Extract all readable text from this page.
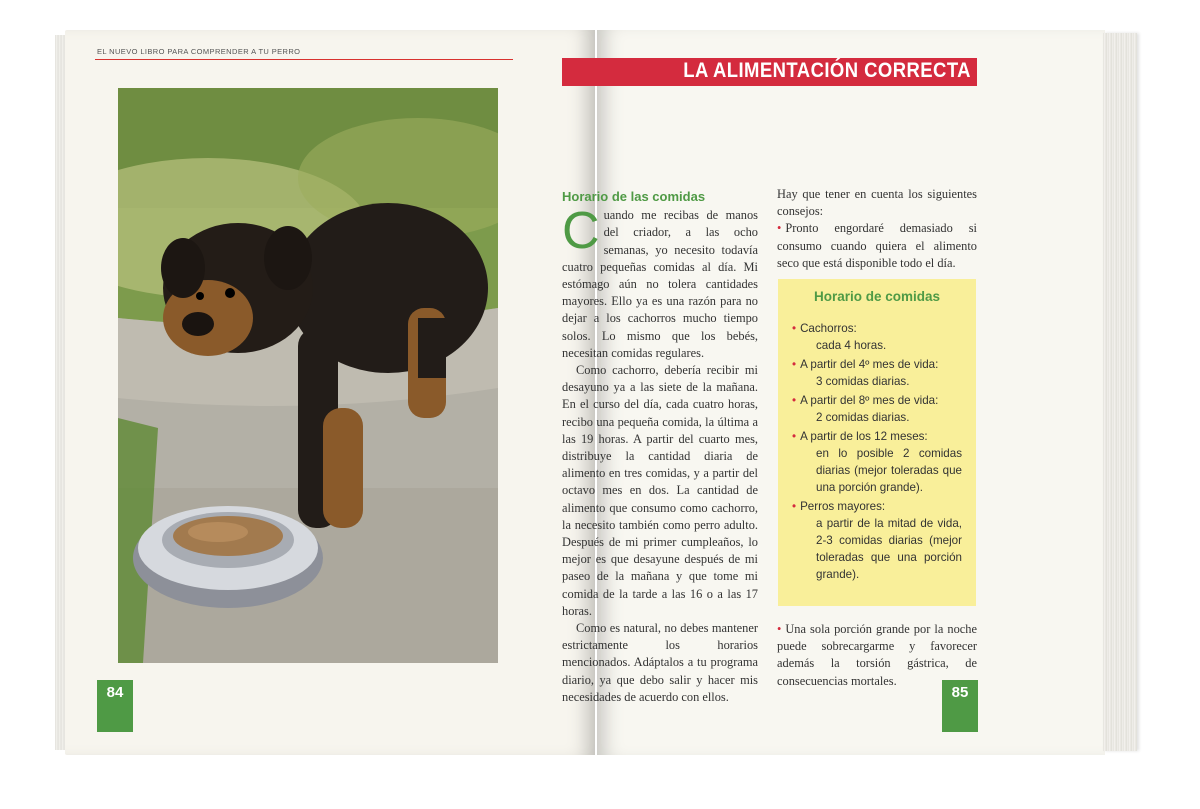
EL NUEVO LIBRO PARA COMPRENDER A TU PERRO
84
LA ALIMENTACIÓN CORRECTA
Horario de las comidas

Cuando me recibas de manos del criador, a las ocho semanas, yo necesito todavía cuatro pequeñas comidas al día. Mi estómago aún no tolera cantidades mayores. Ello ya es una razón para no dejar a los cachorros mucho tiempo solos. Lo mismo que los bebés, necesitan comidas regulares.

Como cachorro, debería recibir mi desayuno ya a las siete de la mañana. En el curso del día, cada cuatro horas, recibo una pequeña comida, la última a las 19 horas. A partir del cuarto mes, distribuye la cantidad diaria de alimento en tres comidas, y a partir del octavo mes en dos. La cantidad de alimento que consumo como cachorro, la necesito también como perro adulto. Después de mi primer cumpleaños, lo mejor es que desayune después de mi paseo de la mañana y que tome mi comida de la tarde a las 16 o a las 17 horas.

Como es natural, no debes mantener estrictamente los horarios mencionados. Adáptalos a tu programa diario, ya que debo salir y hacer mis necesidades de acuerdo con ellos.

Hay que tener en cuenta los siguientes consejos:

• Pronto engordaré demasiado si consumo cuando quiera el alimento seco que está disponible todo el día.

Horario de comidas
• Cachorros:
cada 4 horas.
• A partir del 4º mes de vida:
3 comidas diarias.
• A partir del 8º mes de vida:
2 comidas diarias.
• A partir de los 12 meses:
en lo posible 2 comidas diarias (mejor toleradas que una porción grande).
• Perros mayores:
a partir de la mitad de vida, 2-3 comidas diarias (mejor toleradas que una porción grande).
• Una sola porción grande por la noche puede sobrecargarme y favorecer además la torsión gástrica, de consecuencias mortales.
85
